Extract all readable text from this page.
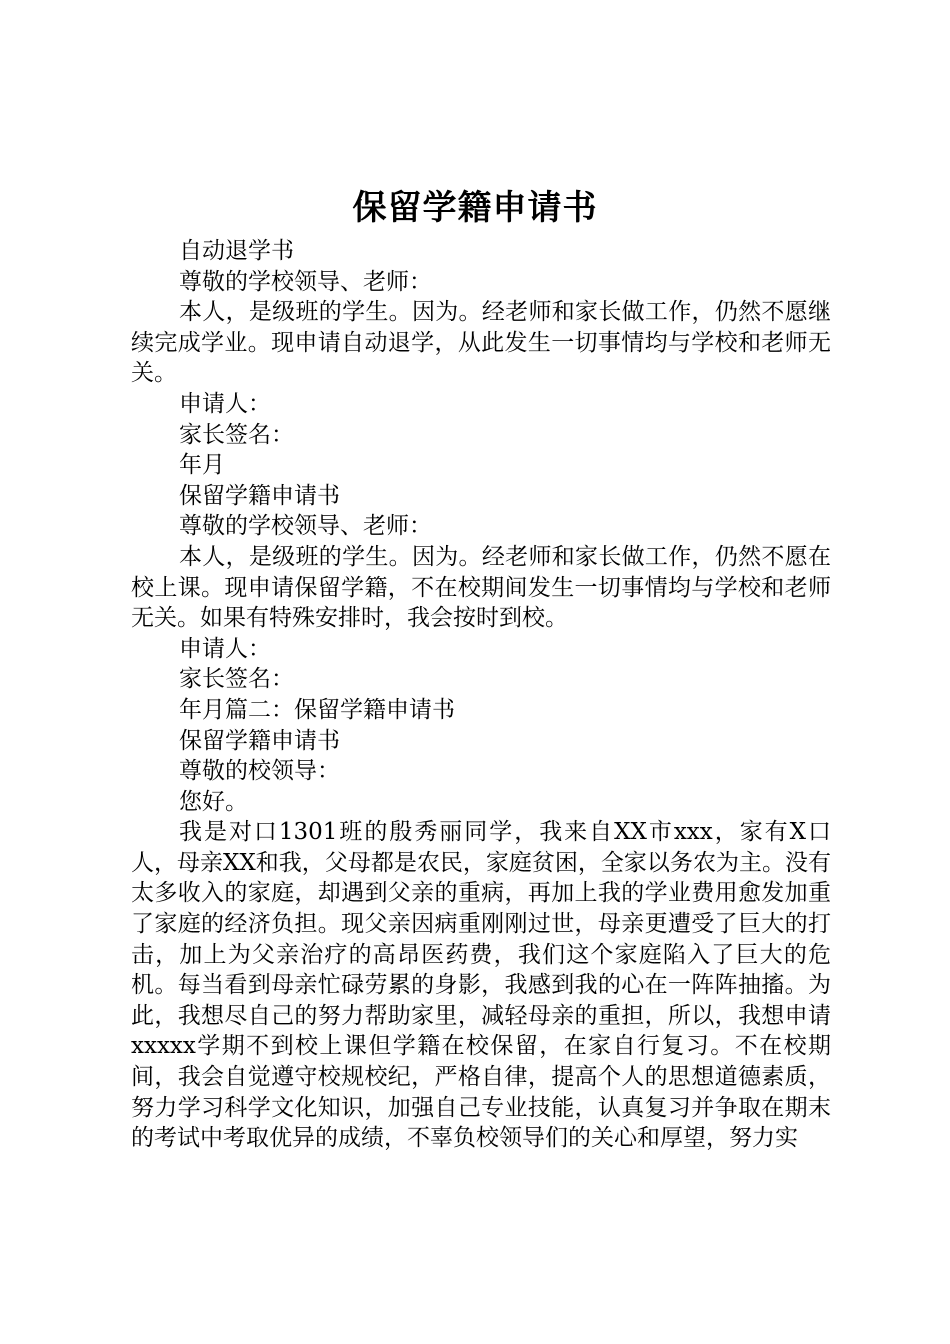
保留学籍申请书

自动退学书

尊敬的学校领导、老师：

本人，是级班的学生。因为。经老师和家长做工作，仍然不愿继续完成学业。现申请自动退学，从此发生一切事情均与学校和老师无关。

申请人：

家长签名：

年月

保留学籍申请书

尊敬的学校领导、老师：

本人，是级班的学生。因为。经老师和家长做工作，仍然不愿在校上课。现申请保留学籍，不在校期间发生一切事情均与学校和老师无关。如果有特殊安排时，我会按时到校。

申请人：

家长签名：

年月篇二：保留学籍申请书

保留学籍申请书

尊敬的校领导：

您好。

我是对口1301班的殷秀丽同学，我来自XX市xxx，家有X口人，母亲XX和我，父母都是农民，家庭贫困，全家以务农为主。没有太多收入的家庭，却遇到父亲的重病，再加上我的学业费用愈发加重了家庭的经济负担。现父亲因病重刚刚过世，母亲更遭受了巨大的打击，加上为父亲治疗的高昂医药费，我们这个家庭陷入了巨大的危机。每当看到母亲忙碌劳累的身影，我感到我的心在一阵阵抽搐。为此，我想尽自己的努力帮助家里，减轻母亲的重担，所以，我想申请xxxxx学期不到校上课但学籍在校保留，在家自行复习。不在校期间，我会自觉遵守校规校纪，严格自律，提高个人的思想道德素质，努力学习科学文化知识，加强自己专业技能，认真复习并争取在期末的考试中考取优异的成绩，不辜负校领导们的关心和厚望，努力实
